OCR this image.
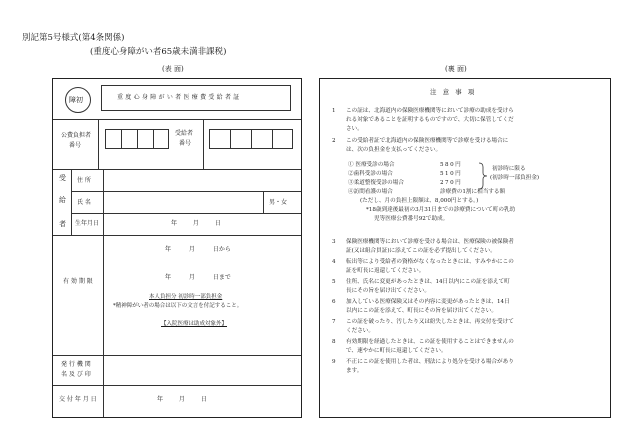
別記第5号様式(第4条関係)
(重度心身障がい者65歳未満非課税)
(表 面)	(裏 面)
障初	重 度 心 身 障 が い 者 医 療 費 受 給 者 証
公費負担者
番号
受給者
番号
受
給
者
住 所
氏 名	男・女
生年月日	年 月 日
有 効 期 限
年 月 日から
年 月 日まで
本人負担分 初診時一部負担金
*精神障がい者の場合は以下の文言を付記すること。
【入院医療は助成対象外】
発 行 機 関
名 及 び 印
交 付 年 月 日	年 月 日
注 意 事 項
1 この証は、北海道内の保険医療機関等において診療の助成を受けら
れる対象であることを証明するものですので、大切に保管してくだ
さい。
2 この受給者証で北海道内の保険医療機関等で診療を受ける場合に
は、次の負担金を支払ってください。
① 医療受診の場合	580円
②歯科受診の場合	510円
③柔道整復受診の場合	270円
④訪問看護の場合	診療費の1割に相当する額
初診時に限る
(初診時一部負担金)
(ただし、月の負担上限額は、8,000円とする。)
*18歳到達後最初の3月31日までの診療費について町の乳幼
児等医療公費番号92で助成。
3 保険医療機関等において診療を受ける場合は、医療保険の被保険者
証(又は組合員証)に添えてこの証を必ず提出してください。
4 転出等により受給者の資格がなくなったときには、すみやかにこの
証を町長に返還してください。
5 住所、氏名に変更があったときは、14日以内にこの証を添えて町
長にその旨を届け出てください。
6 加入している医療保険又はその内容に変更があったときは、14日
以内にこの証を添えて、町長にその旨を届け出てください。
7 この証を破ったり、汚したり又は紛失したときは、再交付を受けて
ください。
8 有効期限を経過したときは、この証を使用することはできませんの
で、速やかに町長に返還してください。
9 不正にこの証を使用した者は、刑法により処分を受ける場合があり
ます。
